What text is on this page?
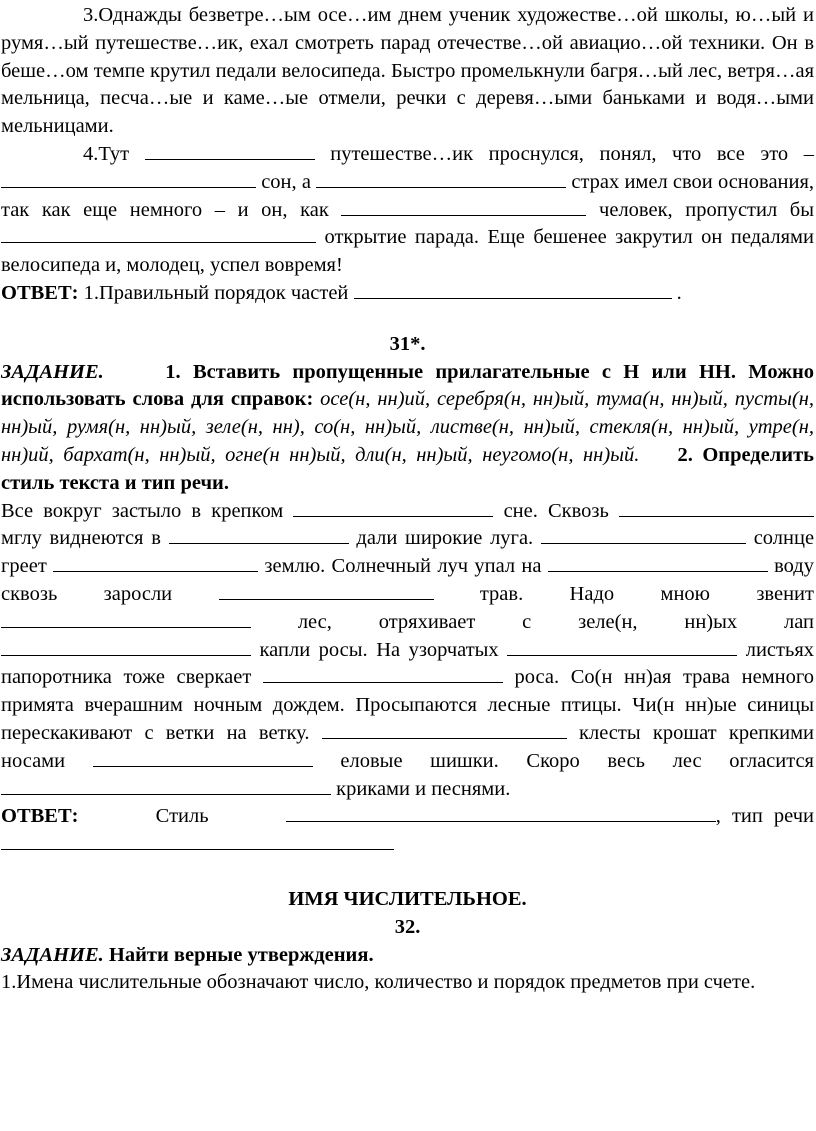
3.Однажды безветре…ым осе…им днем ученик художестве…ой школы, ю…ый и румя…ый путешестве…ик, ехал смотреть парад отечестве…ой авиацио…ой техники. Он в беше…ом темпе крутил педали велосипеда. Быстро промелькнули багря…ый лес, ветря…ая мельница, песча…ые и каме…ые отмели, речки с деревя…ыми баньками и водя…ыми мельницами.

4.Тут	путешестве…ик проснулся, понял, что все это –  сон, а	страх имел свои основания, так как еще немного – и он, как	человек, пропустил бы  открытие парада. Еще бешенее закрутил он педалями велосипеда и, молодец, успел вовремя!

ОТВЕТ: 1.Правильный порядок частей	.

31*.

ЗАДАНИЕ.	1. Вставить пропущенные прилагательные с Н или НН. Можно использовать слова для справок: осе(н, нн)ий, серебря(н, нн)ый, тума(н, нн)ый, пусты(н, нн)ый, румя(н, нн)ый, зеле(н, нн), со(н, нн)ый, листве(н, нн)ый, стекля(н, нн)ый, утре(н, нн)ий, бархат(н, нн)ый, огне(н нн)ый, дли(н, нн)ый, неугомо(н, нн)ый. 2. Определить стиль текста и тип речи.

Все вокруг застыло в крепком	сне. Сквозь  мглу виднеются в	дали широкие луга.	солнце греет	землю. Солнечный луч упал на	воду сквозь заросли	трав. Надо мною звенит  лес, отряхивает с зеле(н, нн)ых лап  капли росы. На узорчатых	листьях папоротника тоже сверкает	роса. Со(н нн)ая трава немного примята вчерашним ночным дождем. Просыпаются лесные птицы. Чи(н нн)ые синицы перескакивают с ветки на ветку.	клесты крошат крепкими носами	еловые шишки. Скоро весь лес огласится  криками и песнями.

ОТВЕТ:	Стиль	, тип речи

ИМЯ ЧИСЛИТЕЛЬНОЕ.

32.

ЗАДАНИЕ. Найти верные утверждения.

1.Имена числительные обозначают число, количество и порядок предметов при счете.
